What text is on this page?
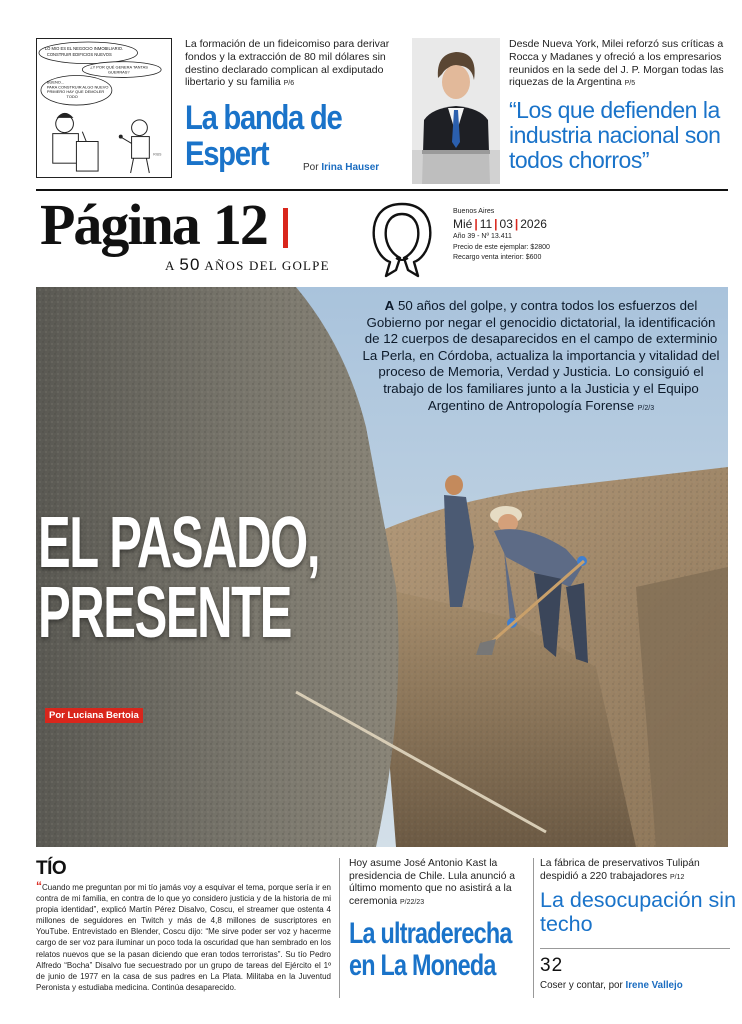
LO MIO ES EL NEGOCIO INMOBILIARIO.
CONSTRUIR EDIFICIOS NUEVOS
¿Y POR QUÉ GENERA TANTAS
GUERRAS?
BUENO...
PARA CONSTRUIR ALGO NUEVO
PRIMERO HAY QUE DEMOLER
TODO
RIUS
La formación de un fideicomiso para derivar fondos y la extracción de 80 mil dólares sin destino declarado complican al exdiputado libertario y su familia P/6
La banda de
Espert	Por Irina Hauser
Desde Nueva York, Milei reforzó sus críticas a Rocca y Madanes y ofreció a los empresarios reunidos en la sede del J. P. Morgan todas las riquezas de la Argentina P/5
“Los que defienden la industria nacional son todos chorros”
Página 12
A 50 AÑOS DEL GOLPE
Buenos Aires
Mié | 11 | 03 | 2026
Año 39 - Nº 13.411
Precio de este ejemplar: $2800
Recargo venta interior: $600
A 50 años del golpe, y contra todos los esfuerzos del Gobierno por negar el genocidio dictatorial, la identificación de 12 cuerpos de desaparecidos en el campo de exterminio La Perla, en Córdoba, actualiza la importancia y vitalidad del proceso de Memoria, Verdad y Justicia. Lo consiguió el trabajo de los familiares junto a la Justicia y el Equipo Argentino de Antropología Forense P/2/3
EL PASADO,
PRESENTE
Por Luciana Bertoia
TÍO
“Cuando me preguntan por mi tío jamás voy a esquivar el tema, porque sería ir en contra de mi familia, en contra de lo que yo considero justicia y de la historia de mi propia identidad”, explicó Martín Pérez Disalvo, Coscu, el streamer que ostenta 4 millones de seguidores en Twitch y más de 4,8 millones de suscriptores en YouTube. Entrevistado en Blender, Coscu dijo: “Me sirve poder ser voz y hacerme cargo de ser voz para iluminar un poco toda la oscuridad que han sembrado en los relatos nuevos que se la pasan diciendo que eran todos terroristas”. Su tío Pedro Alfredo “Bocha” Disalvo fue secuestrado por un grupo de tareas del Ejército el 1º de junio de 1977 en la casa de sus padres en La Plata. Militaba en la Juventud Peronista y estudiaba medicina. Continúa desaparecido.
Hoy asume José Antonio Kast la presidencia de Chile. Lula anunció a último momento que no asistirá a la ceremonia P/22/23
La ultraderecha
en La Moneda
La fábrica de preservativos Tulipán despidió a 220 trabajadores P/12
La desocupación sin techo
32
Coser y contar, por Irene Vallejo
